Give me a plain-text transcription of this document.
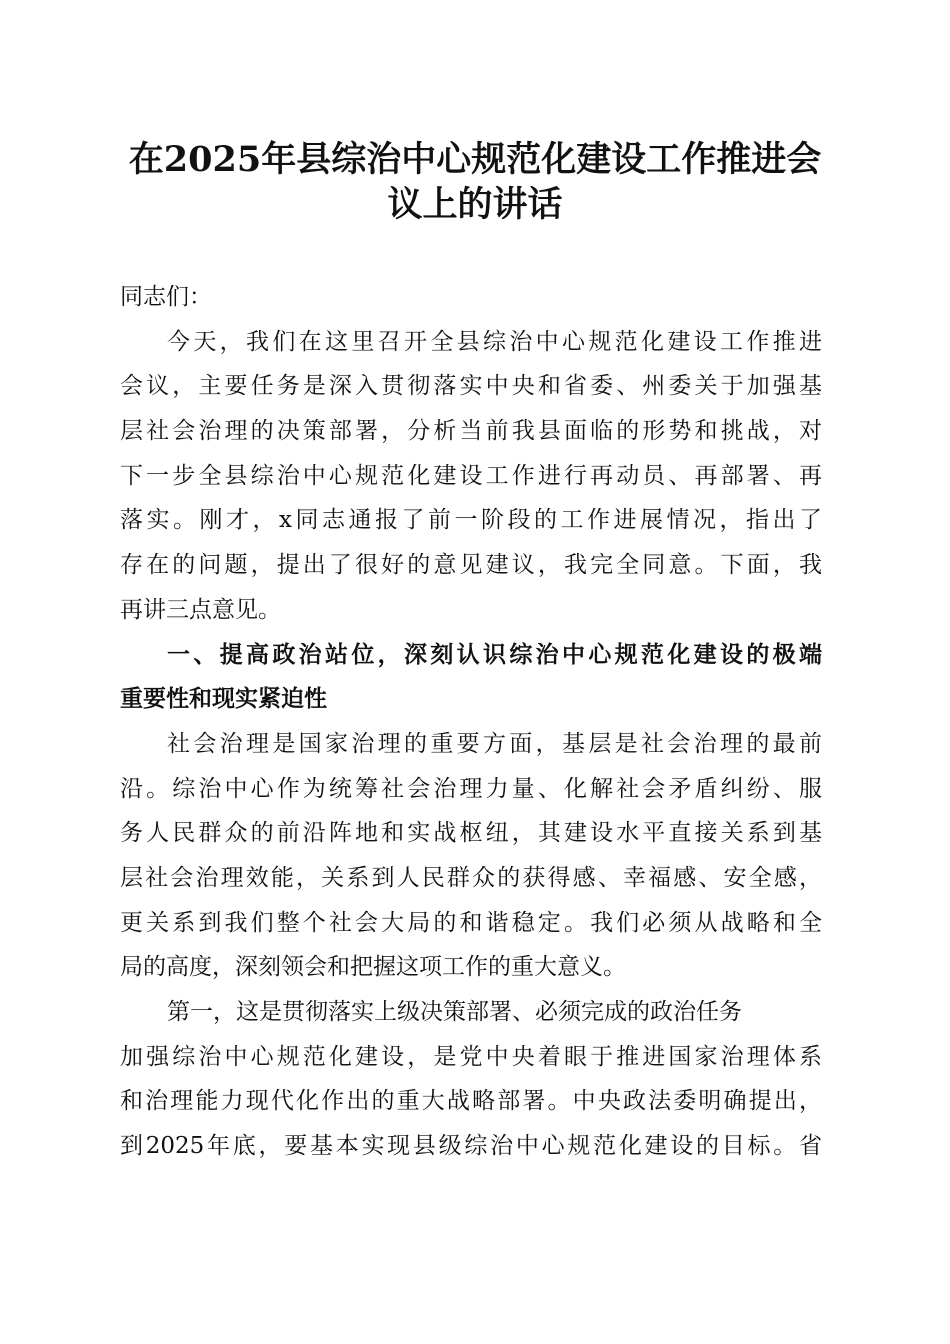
在2025年县综治中心规范化建设工作推进会
议上的讲话
同志们：
今天，我们在这里召开全县综治中心规范化建设工作推进
会议，主要任务是深入贯彻落实中央和省委、州委关于加强基
层社会治理的决策部署，分析当前我县面临的形势和挑战，对
下一步全县综治中心规范化建设工作进行再动员、再部署、再
落实。刚才，x同志通报了前一阶段的工作进展情况，指出了
存在的问题，提出了很好的意见建议，我完全同意。下面，我
再讲三点意见。
一、提高政治站位，深刻认识综治中心规范化建设的极端
重要性和现实紧迫性
社会治理是国家治理的重要方面，基层是社会治理的最前
沿。综治中心作为统筹社会治理力量、化解社会矛盾纠纷、服
务人民群众的前沿阵地和实战枢纽，其建设水平直接关系到基
层社会治理效能，关系到人民群众的获得感、幸福感、安全感，
更关系到我们整个社会大局的和谐稳定。我们必须从战略和全
局的高度，深刻领会和把握这项工作的重大意义。
第一，这是贯彻落实上级决策部署、必须完成的政治任务
加强综治中心规范化建设，是党中央着眼于推进国家治理体系
和治理能力现代化作出的重大战略部署。中央政法委明确提出，
到2025年底，要基本实现县级综治中心规范化建设的目标。省
